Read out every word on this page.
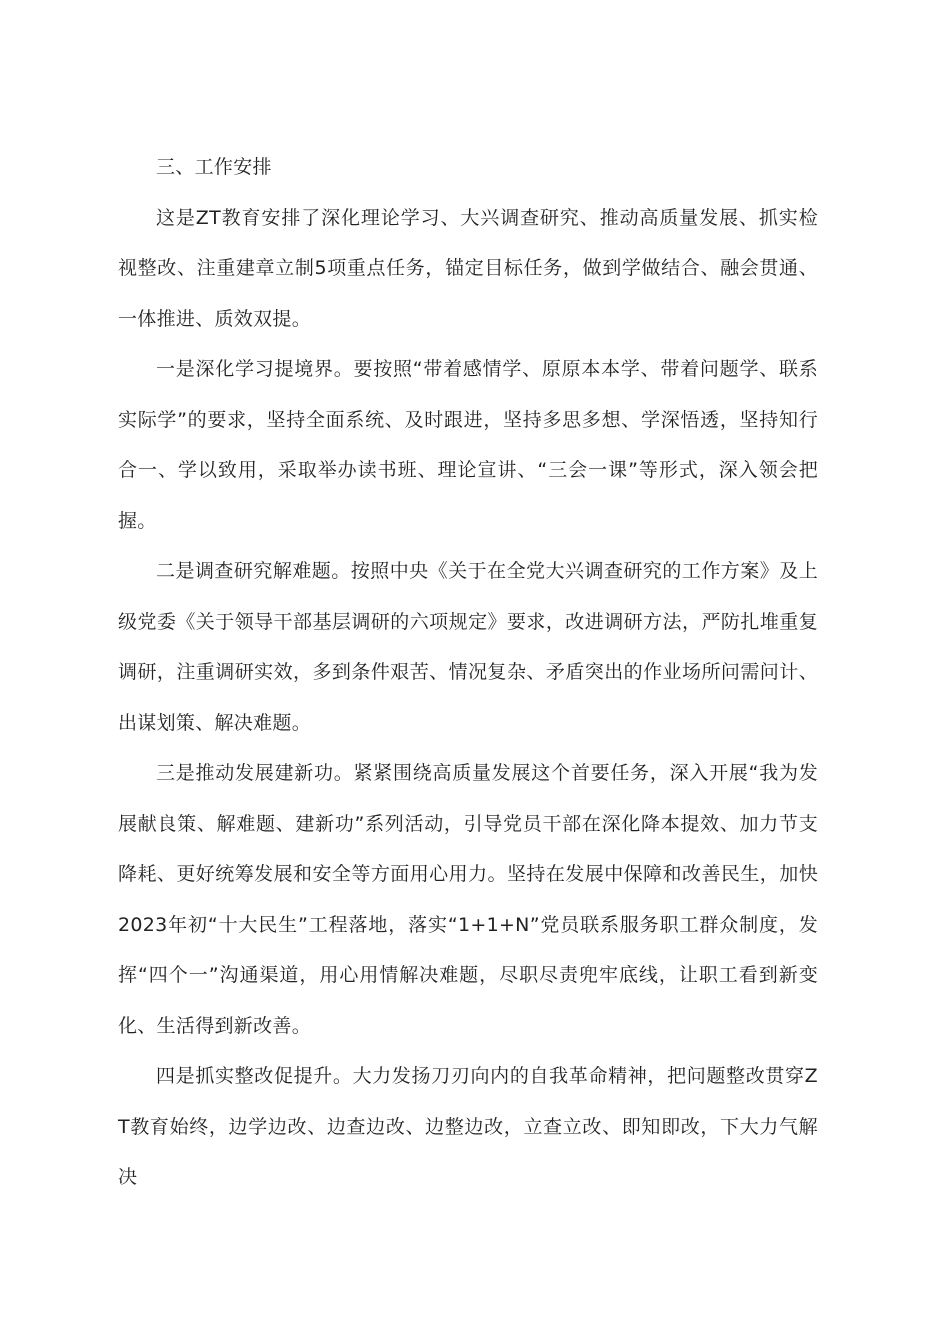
三、工作安排

这是ZT教育安排了深化理论学习、大兴调查研究、推动高质量发展、抓实检视整改、注重建章立制5项重点任务，锚定目标任务，做到学做结合、融会贯通、一体推进、质效双提。

一是深化学习提境界。要按照“带着感情学、原原本本学、带着问题学、联系实际学”的要求，坚持全面系统、及时跟进，坚持多思多想、学深悟透，坚持知行合一、学以致用，采取举办读书班、理论宣讲、“三会一课”等形式，深入领会把握。

二是调查研究解难题。按照中央《关于在全党大兴调查研究的工作方案》及上级党委《关于领导干部基层调研的六项规定》要求，改进调研方法，严防扎堆重复调研，注重调研实效，多到条件艰苦、情况复杂、矛盾突出的作业场所问需问计、出谋划策、解决难题。

三是推动发展建新功。紧紧围绕高质量发展这个首要任务，深入开展“我为发展献良策、解难题、建新功”系列活动，引导党员干部在深化降本提效、加力节支降耗、更好统筹发展和安全等方面用心用力。坚持在发展中保障和改善民生，加快2023年初“十大民生”工程落地，落实“1+1+N”党员联系服务职工群众制度，发挥“四个一”沟通渠道，用心用情解决难题，尽职尽责兜牢底线，让职工看到新变化、生活得到新改善。

四是抓实整改促提升。大力发扬刀刃向内的自我革命精神，把问题整改贯穿ZT教育始终，边学边改、边查边改、边整边改，立查立改、即知即改，下大力气解决
